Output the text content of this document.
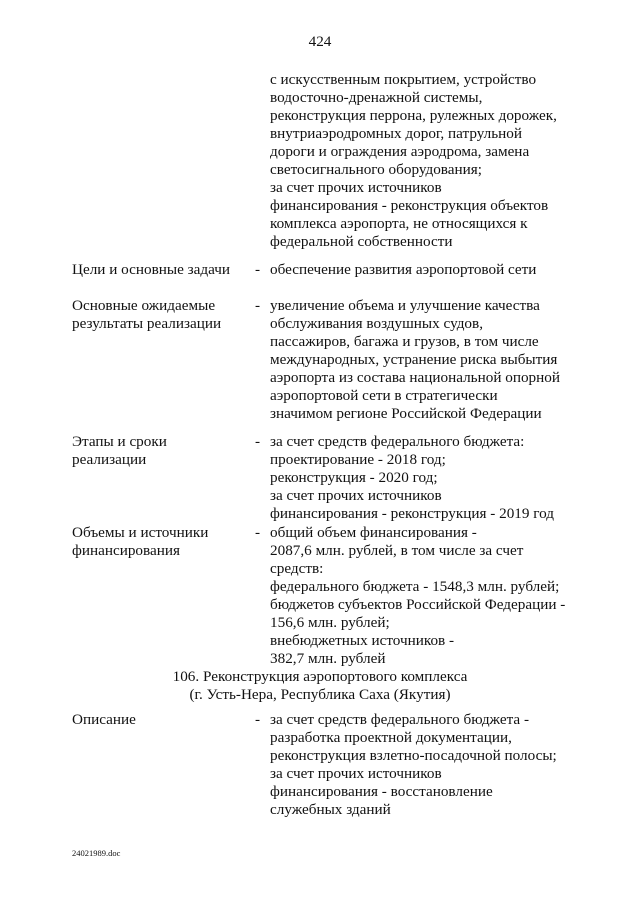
424
с искусственным покрытием, устройство
водосточно-дренажной системы,
реконструкция перрона, рулежных дорожек,
внутриаэродромных дорог, патрульной
дороги и ограждения аэродрома, замена
светосигнального оборудования;
за счет прочих источников
финансирования - реконструкция объектов
комплекса аэропорта, не относящихся к
федеральной собственности
Цели и основные задачи	- обеспечение развития аэропортовой сети
Основные ожидаемые
результаты реализации
- увеличение объема и улучшение качества
обслуживания воздушных судов,
пассажиров, багажа и грузов, в том числе
международных, устранение риска выбытия
аэропорта из состава национальной опорной
аэропортовой сети в стратегически
значимом регионе Российской Федерации
Этапы и сроки
реализации
- за счет средств федерального бюджета:
проектирование - 2018 год;
реконструкция - 2020 год;
за счет прочих источников
финансирования - реконструкция - 2019 год
Объемы и источники
финансирования
- общий объем финансирования -
2087,6 млн. рублей, в том числе за счет
средств:
федерального бюджета - 1548,3 млн. рублей;
бюджетов субъектов Российской Федерации -
156,6 млн. рублей;
внебюджетных источников -
382,7 млн. рублей
106. Реконструкция аэропортового комплекса
(г. Усть-Нера, Республика Саха (Якутия)
Описание	- за счет средств федерального бюджета -
разработка проектной документации,
реконструкция взлетно-посадочной полосы;
за счет прочих источников
финансирования - восстановление
служебных зданий
24021989.doc
